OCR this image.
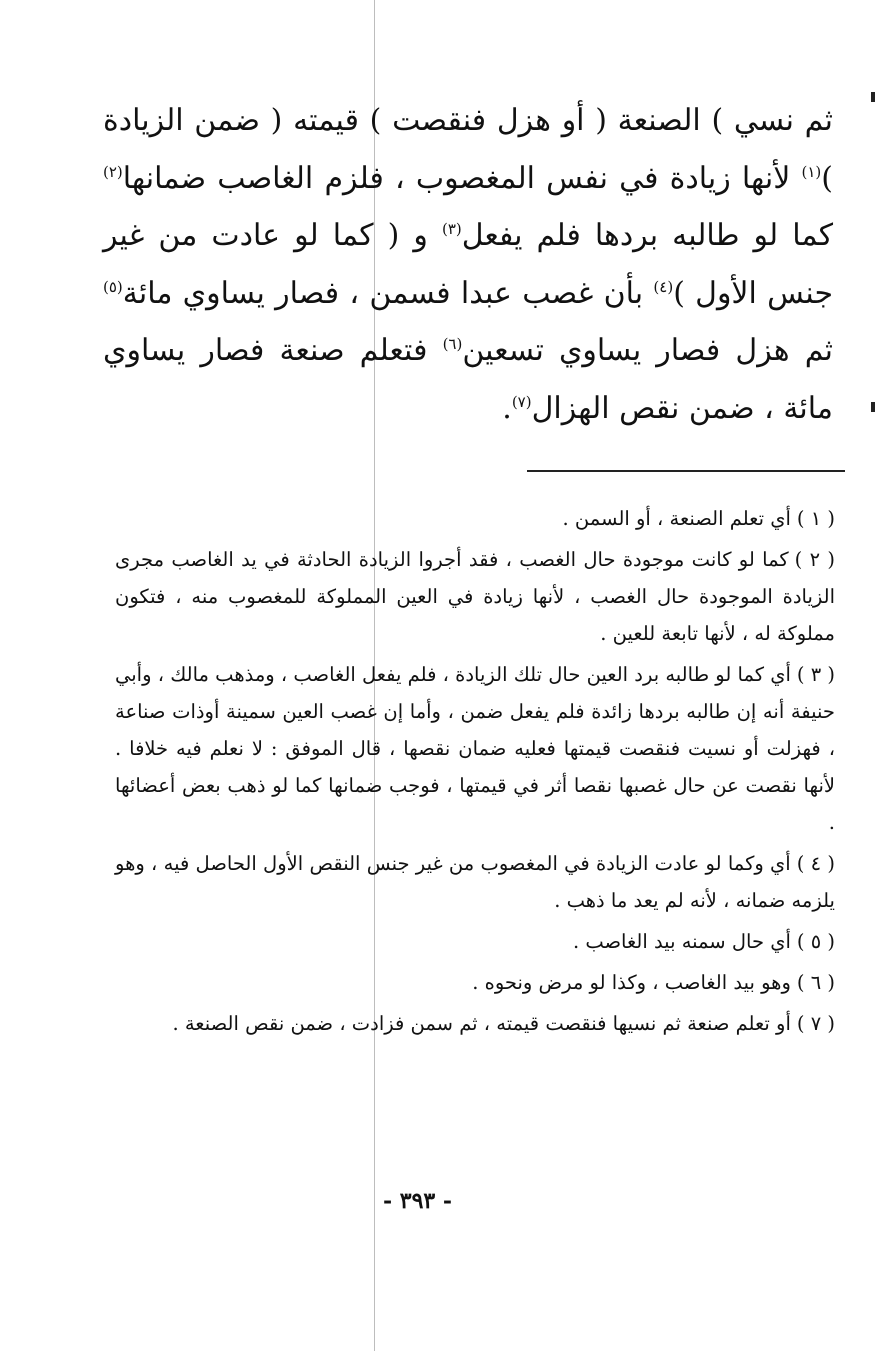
ثم نسي ) الصنعة ( أو هزل فنقصت ) قيمته ( ضمن الزيادة )$^{(١)}$ لأنها زيادة في نفس المغصوب ، فلزم الغاصب ضمانها$^{(٢)}$ كما لو طالبه بردها فلم يفعل$^{(٣)}$ و ( كما لو عادت من غير جنس الأول )$^{(٤)}$ بأن غصب عبدا فسمن ، فصار يساوي مائة$^{(٥)}$ ثم هزل فصار يساوي تسعين$^{(٦)}$ فتعلم صنعة فصار يساوي مائة ، ضمن نقص الهزال$^{(٧)}$.

( ١ )أي تعلم الصنعة ، أو السمن .

( ٢ )كما لو كانت موجودة حال الغصب ، فقد أجروا الزيادة الحادثة في يد الغاصب مجرى الزيادة الموجودة حال الغصب ، لأنها زيادة في العين المملوكة للمغصوب منه ، فتكون مملوكة له ، لأنها تابعة للعين .

( ٣ )أي كما لو طالبه برد العين حال تلك الزيادة ، فلم يفعل الغاصب ، ومذهب مالك ، وأبي حنيفة أنه إن طالبه بردها زائدة فلم يفعل ضمن ، وأما إن غصب العين سمينة أوذات صناعة ، فهزلت أو نسيت فنقصت قيمتها فعليه ضمان نقصها ، قال الموفق : لا نعلم فيه خلافا . لأنها نقصت عن حال غصبها نقصا أثر في قيمتها ، فوجب ضمانها كما لو ذهب بعض أعضائها .

( ٤ )أي وكما لو عادت الزيادة في المغصوب من غير جنس النقص الأول الحاصل فيه ، وهو يلزمه ضمانه ، لأنه لم يعد ما ذهب .

( ٥ )أي حال سمنه بيد الغاصب .

( ٦ )وهو بيد الغاصب ، وكذا لو مرض ونحوه .

( ٧ )أو تعلم صنعة ثم نسيها فنقصت قيمته ، ثم سمن فزادت ، ضمن نقص الصنعة .

- ٣٩٣ -
